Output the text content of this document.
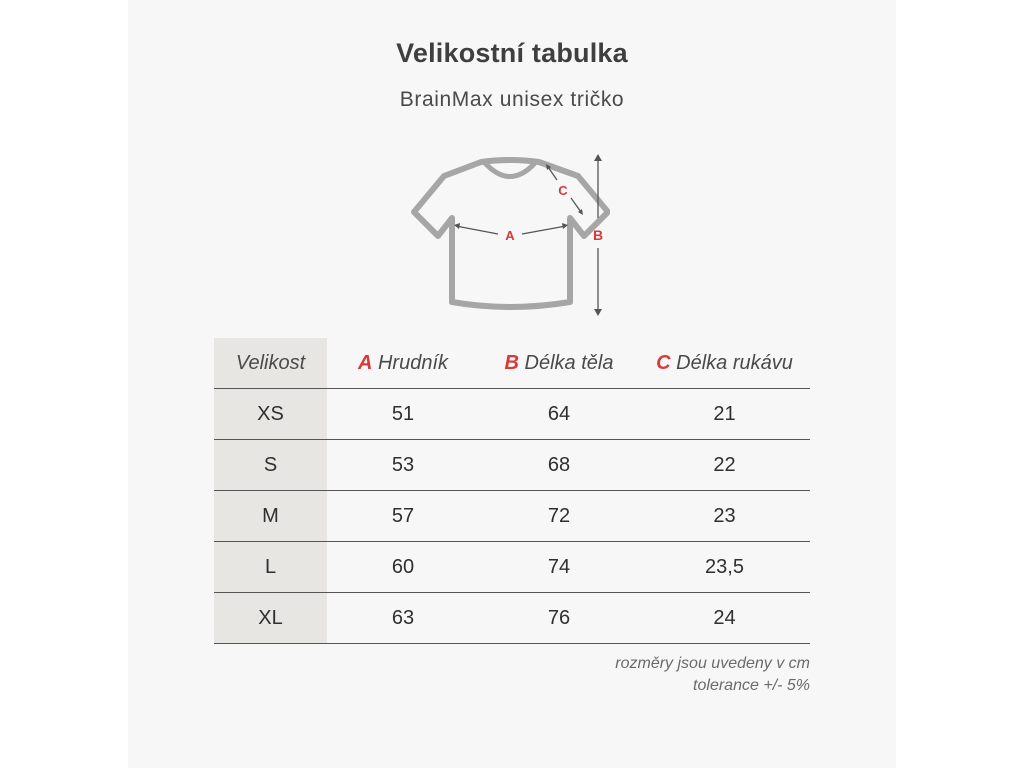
Velikostní tabulka
BrainMax unisex tričko
A
C
B
Velikost	A Hrudník	B Délka těla	C Délka rukávu
XS	51	64	21
S	53	68	22
M	57	72	23
L	60	74	23,5
XL	63	76	24
rozměry jsou uvedeny v cm
tolerance +/- 5%
